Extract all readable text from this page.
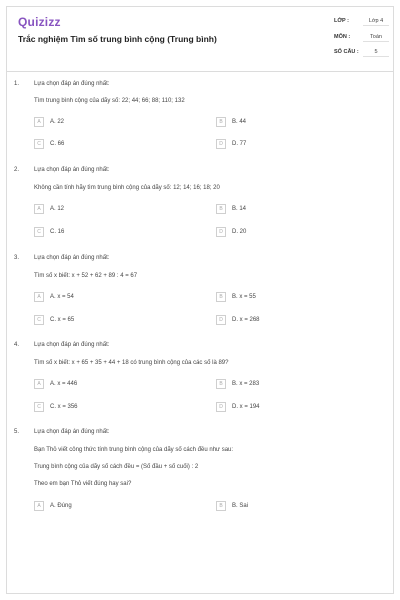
Quizizz
Trắc nghiệm Tìm số trung bình cộng (Trung bình)
LỚP :	Lớp 4
MÔN :	Toán
SỐ CÂU :	5
1. Lựa chọn đáp án đúng nhất:
Tìm trung bình cộng của dãy số: 22; 44; 66; 88; 110; 132
A	A. 22	B	B. 44
C	C. 66	D	D. 77
2. Lựa chọn đáp án đúng nhất:
Không cần tính hãy tìm trung bình cộng của dãy số: 12; 14; 16; 18; 20
A	A. 12	B	B. 14
C	C. 16	D	D. 20
3. Lựa chọn đáp án đúng nhất:
Tìm số x biết: x + 52 + 62 + 89 : 4 = 67
A	A. x = 54	B	B. x = 55
C	C. x = 65	D	D. x = 268
4. Lựa chọn đáp án đúng nhất:
Tìm số x biết: x + 65 + 35 + 44 + 18 có trung bình cộng của các số là 89?
A	A. x = 446	B	B. x = 283
C	C. x = 356	D	D. x = 194
5. Lựa chọn đáp án đúng nhất:
Bạn Thỏ viết công thức tính trung bình cộng của dãy số cách đều như sau:
Trung bình cộng của dãy số cách đều = (Số đầu + số cuối) : 2
Theo em bạn Thỏ viết đúng hay sai?
A	A. Đúng	B	B. Sai
